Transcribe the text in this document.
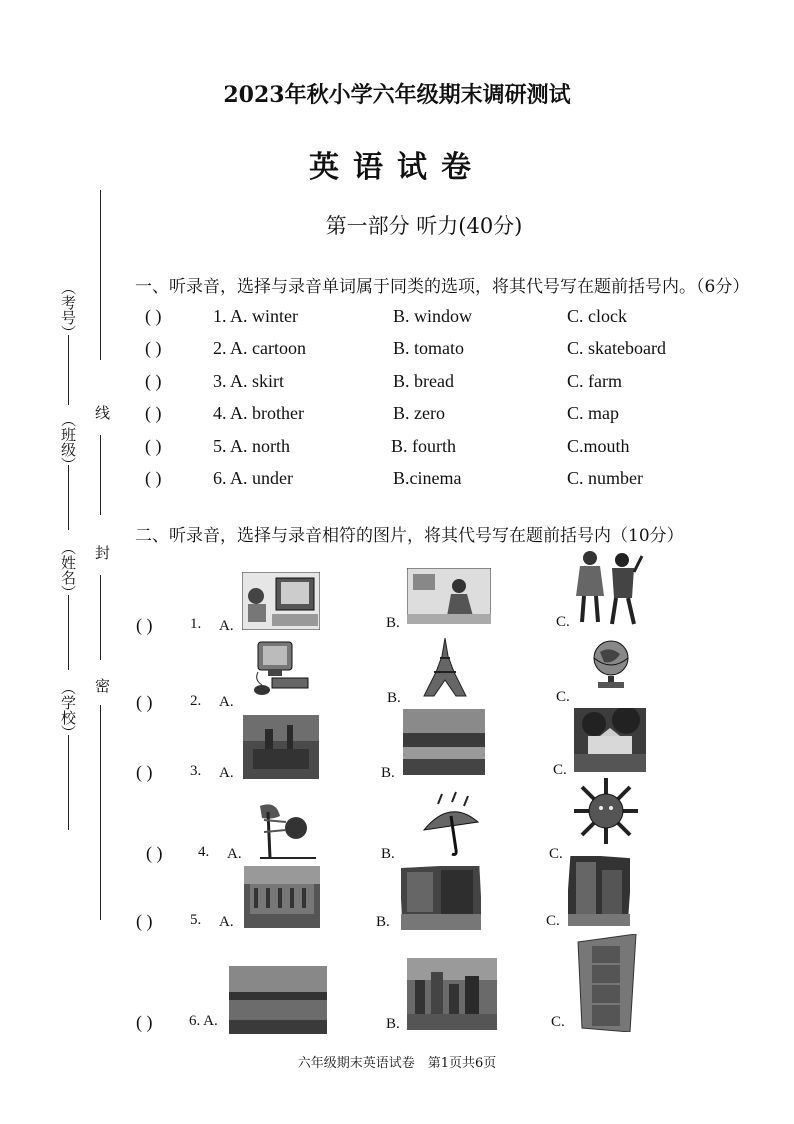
线
封
密
（考号）
（班级）
（姓名）
（学校）
2023年秋小学六年级期末调研测试
英语试卷
第一部分 听力(40分)
一、听录音，选择与录音单词属于同类的选项，将其代号写在题前括号内。（6分）
( )	1. A. winter	B. window	C. clock
( )	2. A. cartoon	B. tomato	C. skateboard
( )	3. A. skirt	B. bread	C. farm
( )	4. A. brother	B. zero	C. map
( )	5. A. north	B. fourth	C.mouth
( )	6. A. under	B.cinema	C. number
二、听录音，选择与录音相符的图片，将其代号写在题前括号内（10分）
( )	1. A.	B.	C.
( )	2. A.	B.	C.
( )	3. A.	B.	C.
( ) 4. A.	B.	C.
( )	5. A.	B.	C.
( ) 6. A.	B.	C.
六年级期末英语试卷　第1页共6页
